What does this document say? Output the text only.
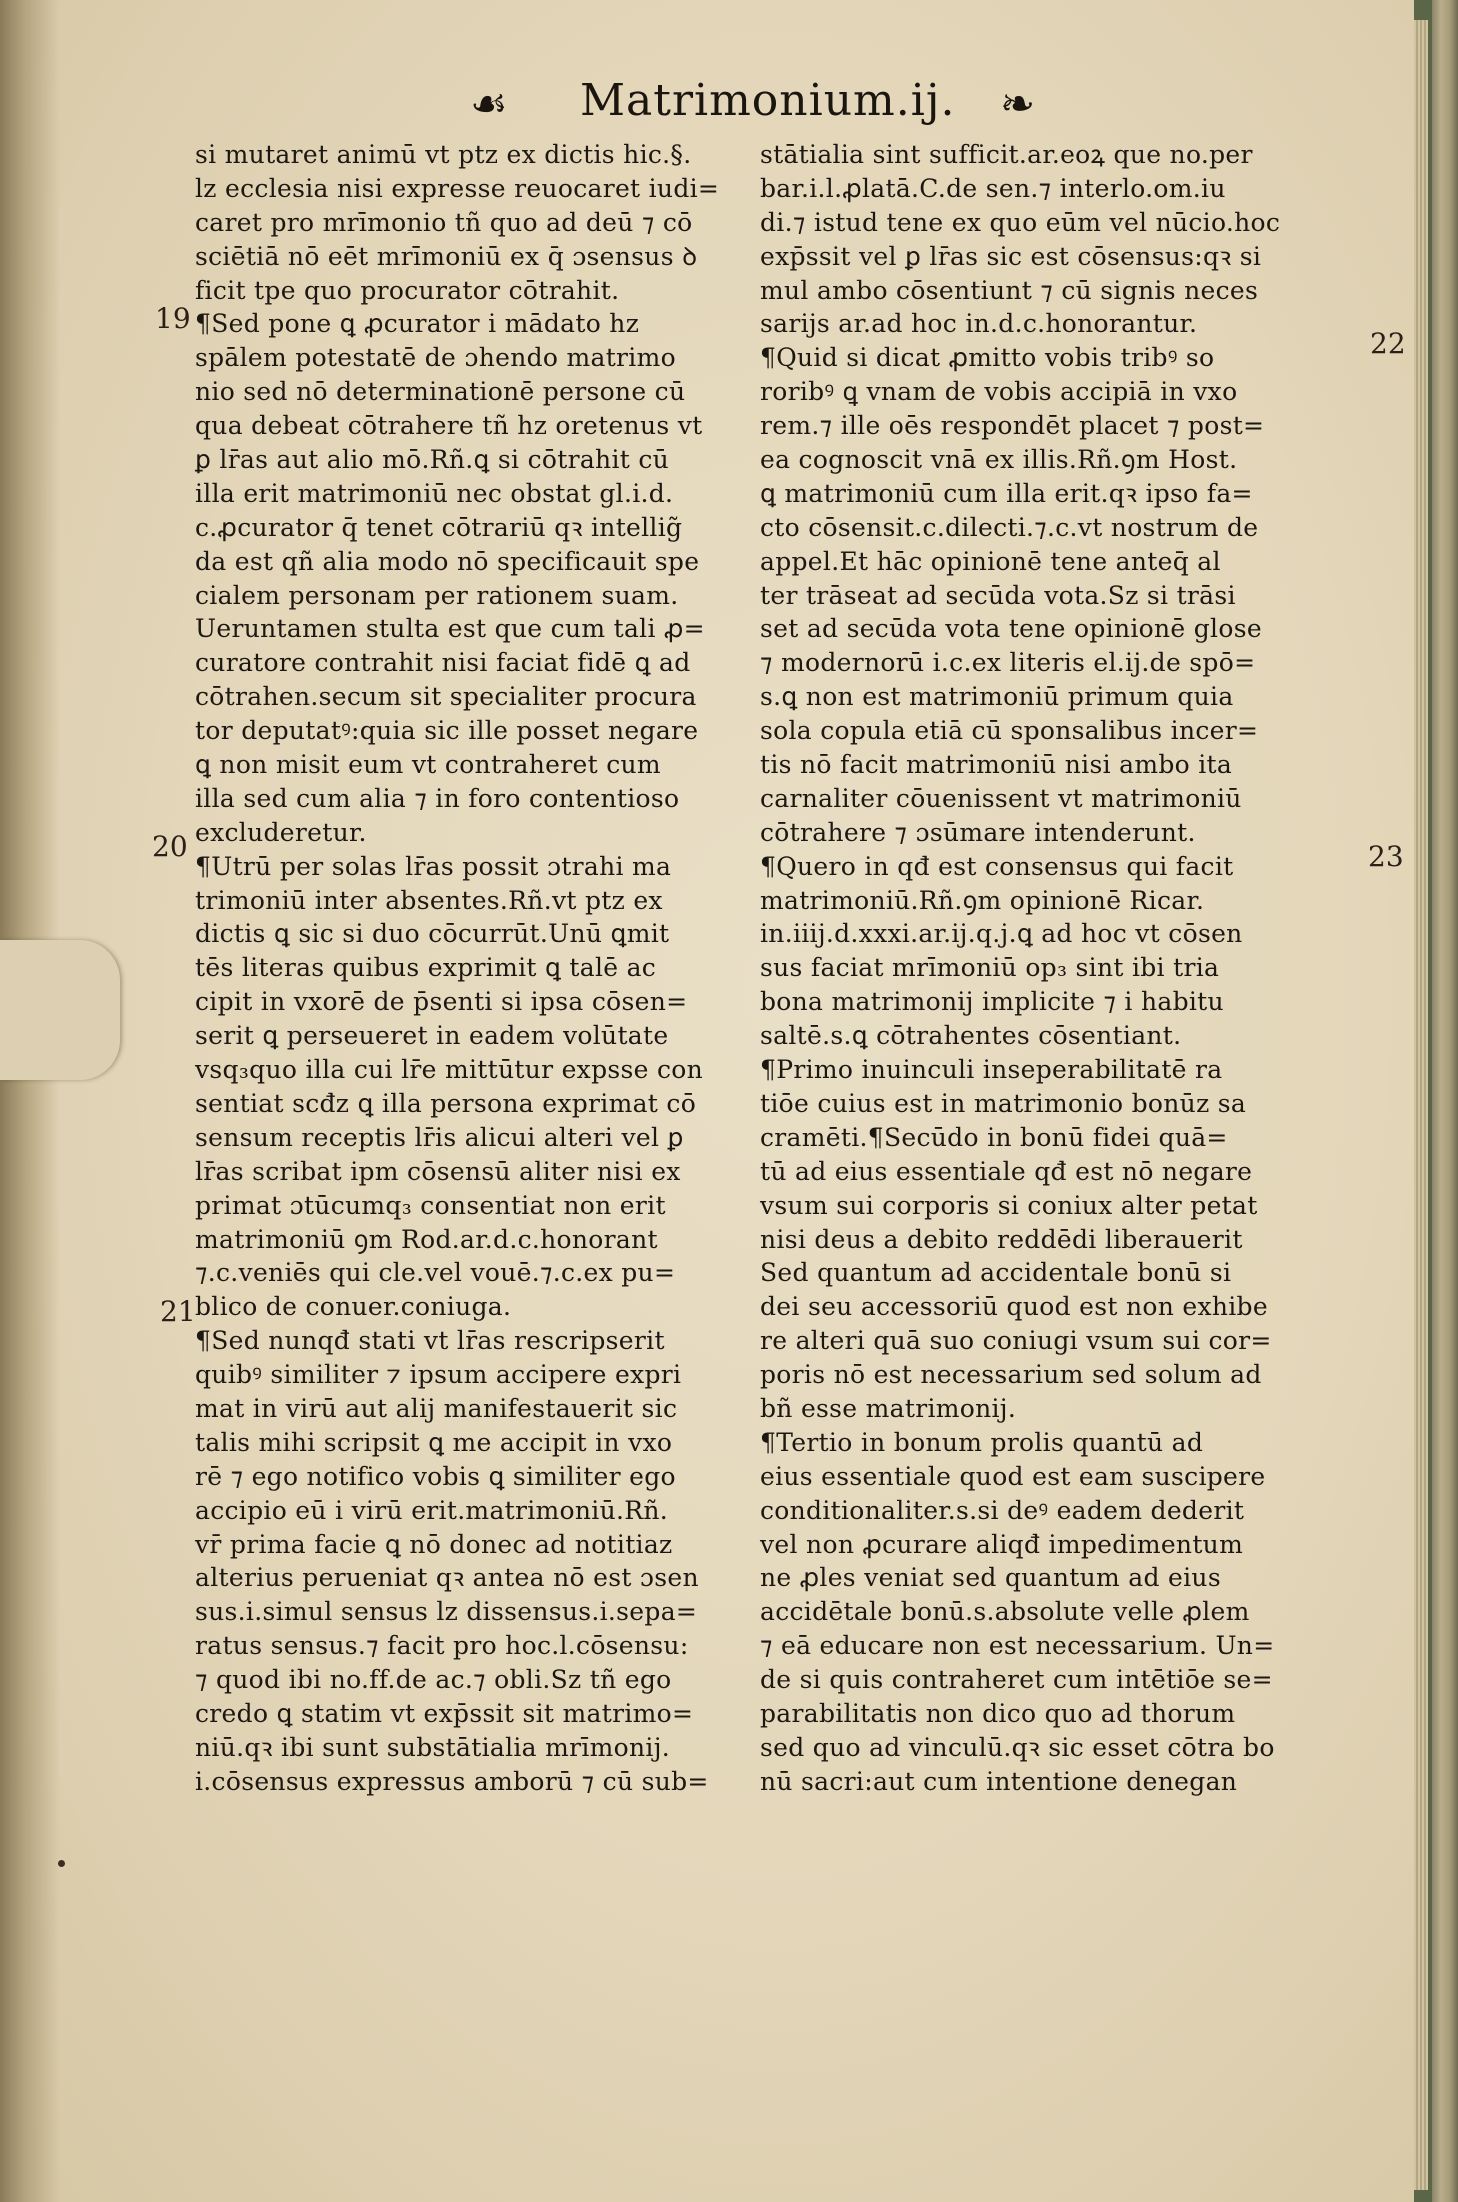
☙ Matrimonium.ij. ❧
19
20
21
22
23
si mutaret animū vt ptz ex dictis hic.§.
lz ecclesia nisi expresse reuocaret iudi=
caret pro mrīmonio tñ quo ad deū ⁊ cō
sciētiā nō eēt mrīmoniū ex q̄ ɔsensus ꝺ
ficit tpe quo procurator cōtrahit.
¶Sed pone ꝗ ꝓcurator i mādato hz
spālem potestatē de ɔhendo matrimo
nio sed nō determinationē persone cū
qua debeat cōtrahere tñ hz oretenus vt
ꝑ lr̄as aut alio mō.Rñ.ꝗ si cōtrahit cū
illa erit matrimoniū nec obstat gl.i.d.
c.ꝓcurator q̄ tenet cōtrariū qꝛ intellig̃
da est qñ alia modo nō specificauit spe
cialem personam per rationem suam.
Ueruntamen stulta est que cum tali ꝓ=
curatore contrahit nisi faciat fidē ꝗ ad
cōtrahen.secum sit specialiter procura
tor deputatꝰ:quia sic ille posset negare
ꝗ non misit eum vt contraheret cum
illa sed cum alia ⁊ in foro contentioso
excluderetur.
¶Utrū per solas lr̄as possit ɔtrahi ma
trimoniū inter absentes.Rñ.vt ptz ex
dictis ꝗ sic si duo cōcurrūt.Unū ꝗmit
tēs literas quibus exprimit ꝗ talē ac
cipit in vxorē de p̄senti si ipsa cōsen=
serit ꝗ perseueret in eadem volūtate
vsq₃quo illa cui lr̄e mittūtur expsse con
sentiat scđz ꝗ illa persona exprimat cō
sensum receptis lr̄is alicui alteri vel ꝑ
lr̄as scribat ipm cōsensū aliter nisi ex
primat ɔtūcumq₃ consentiat non erit
matrimoniū ꝯm Rod.ar.d.c.honorant
⁊.c.veniēs qui cle.vel vouē.⁊.c.ex pu=
blico de conuer.coniuga.
¶Sed nunqđ stati vt lr̄as rescripserit
quibꝰ similiter ⁊ ipsum accipere expri
mat in virū aut alij manifestauerit sic
talis mihi scripsit ꝗ me accipit in vxo
rē ⁊ ego notifico vobis ꝗ similiter ego
accipio eū i virū erit.matrimoniū.Rñ.
vr̄ prima facie ꝗ nō donec ad notitiaz
alterius perueniat qꝛ antea nō est ɔsen
sus.i.simul sensus lz dissensus.i.sepa=
ratus sensus.⁊ facit pro hoc.l.cōsensu:
⁊ quod ibi no.ff.de ac.⁊ obli.Sz tñ ego
credo ꝗ statim vt exp̄ssit sit matrimo=
niū.qꝛ ibi sunt substātialia mrīmonij.
i.cōsensus expressus amborū ⁊ cū sub=
stātialia sint sufficit.ar.eoꝝ que no.per
bar.i.l.ꝓlatā.C.de sen.⁊ interlo.om.iu
di.⁊ istud tene ex quo eūm vel nūcio.hoc
exp̄ssit vel ꝑ lr̄as sic est cōsensus:qꝛ si
mul ambo cōsentiunt ⁊ cū signis neces
sarijs ar.ad hoc in.d.c.honorantur.
¶Quid si dicat ꝓmitto vobis tribꝰ so
roribꝰ ꝗ vnam de vobis accipiā in vxo
rem.⁊ ille oēs respondēt placet ⁊ post=
ea cognoscit vnā ex illis.Rñ.ꝯm Host.
ꝗ matrimoniū cum illa erit.qꝛ ipso fa=
cto cōsensit.c.dilecti.⁊.c.vt nostrum de
appel.Et hāc opinionē tene anteq̄ al
ter trāseat ad secūda vota.Sz si trāsi
set ad secūda vota tene opinionē glose
⁊ modernorū i.c.ex literis el.ij.de spō=
s.ꝗ non est matrimoniū primum quia
sola copula etiā cū sponsalibus incer=
tis nō facit matrimoniū nisi ambo ita
carnaliter cōuenissent vt matrimoniū
cōtrahere ⁊ ɔsūmare intenderunt.
¶Quero in qđ est consensus qui facit
matrimoniū.Rñ.ꝯm opinionē Ricar.
in.iiij.d.xxxi.ar.ij.q.j.ꝗ ad hoc vt cōsen
sus faciat mrīmoniū op₃ sint ibi tria
bona matrimonij implicite ⁊ i habitu
saltē.s.ꝗ cōtrahentes cōsentiant.
¶Primo inuinculi inseperabilitatē ra
tiōe cuius est in matrimonio bonūz sa
cramēti.¶Secūdo in bonū fidei quā=
tū ad eius essentiale qđ est nō negare
vsum sui corporis si coniux alter petat
nisi deus a debito reddēdi liberauerit
Sed quantum ad accidentale bonū si
dei seu accessoriū quod est non exhibe
re alteri quā suo coniugi vsum sui cor=
poris nō est necessarium sed solum ad
bñ esse matrimonij.
¶Tertio in bonum prolis quantū ad
eius essentiale quod est eam suscipere
conditionaliter.s.si deꝰ eadem dederit
vel non ꝓcurare aliqđ impedimentum
ne ꝓles veniat sed quantum ad eius
accidētale bonū.s.absolute velle ꝓlem
⁊ eā educare non est necessarium. Un=
de si quis contraheret cum intētiōe se=
parabilitatis non dico quo ad thorum
sed quo ad vinculū.qꝛ sic esset cōtra bo
nū sacri:aut cum intentione denegan
